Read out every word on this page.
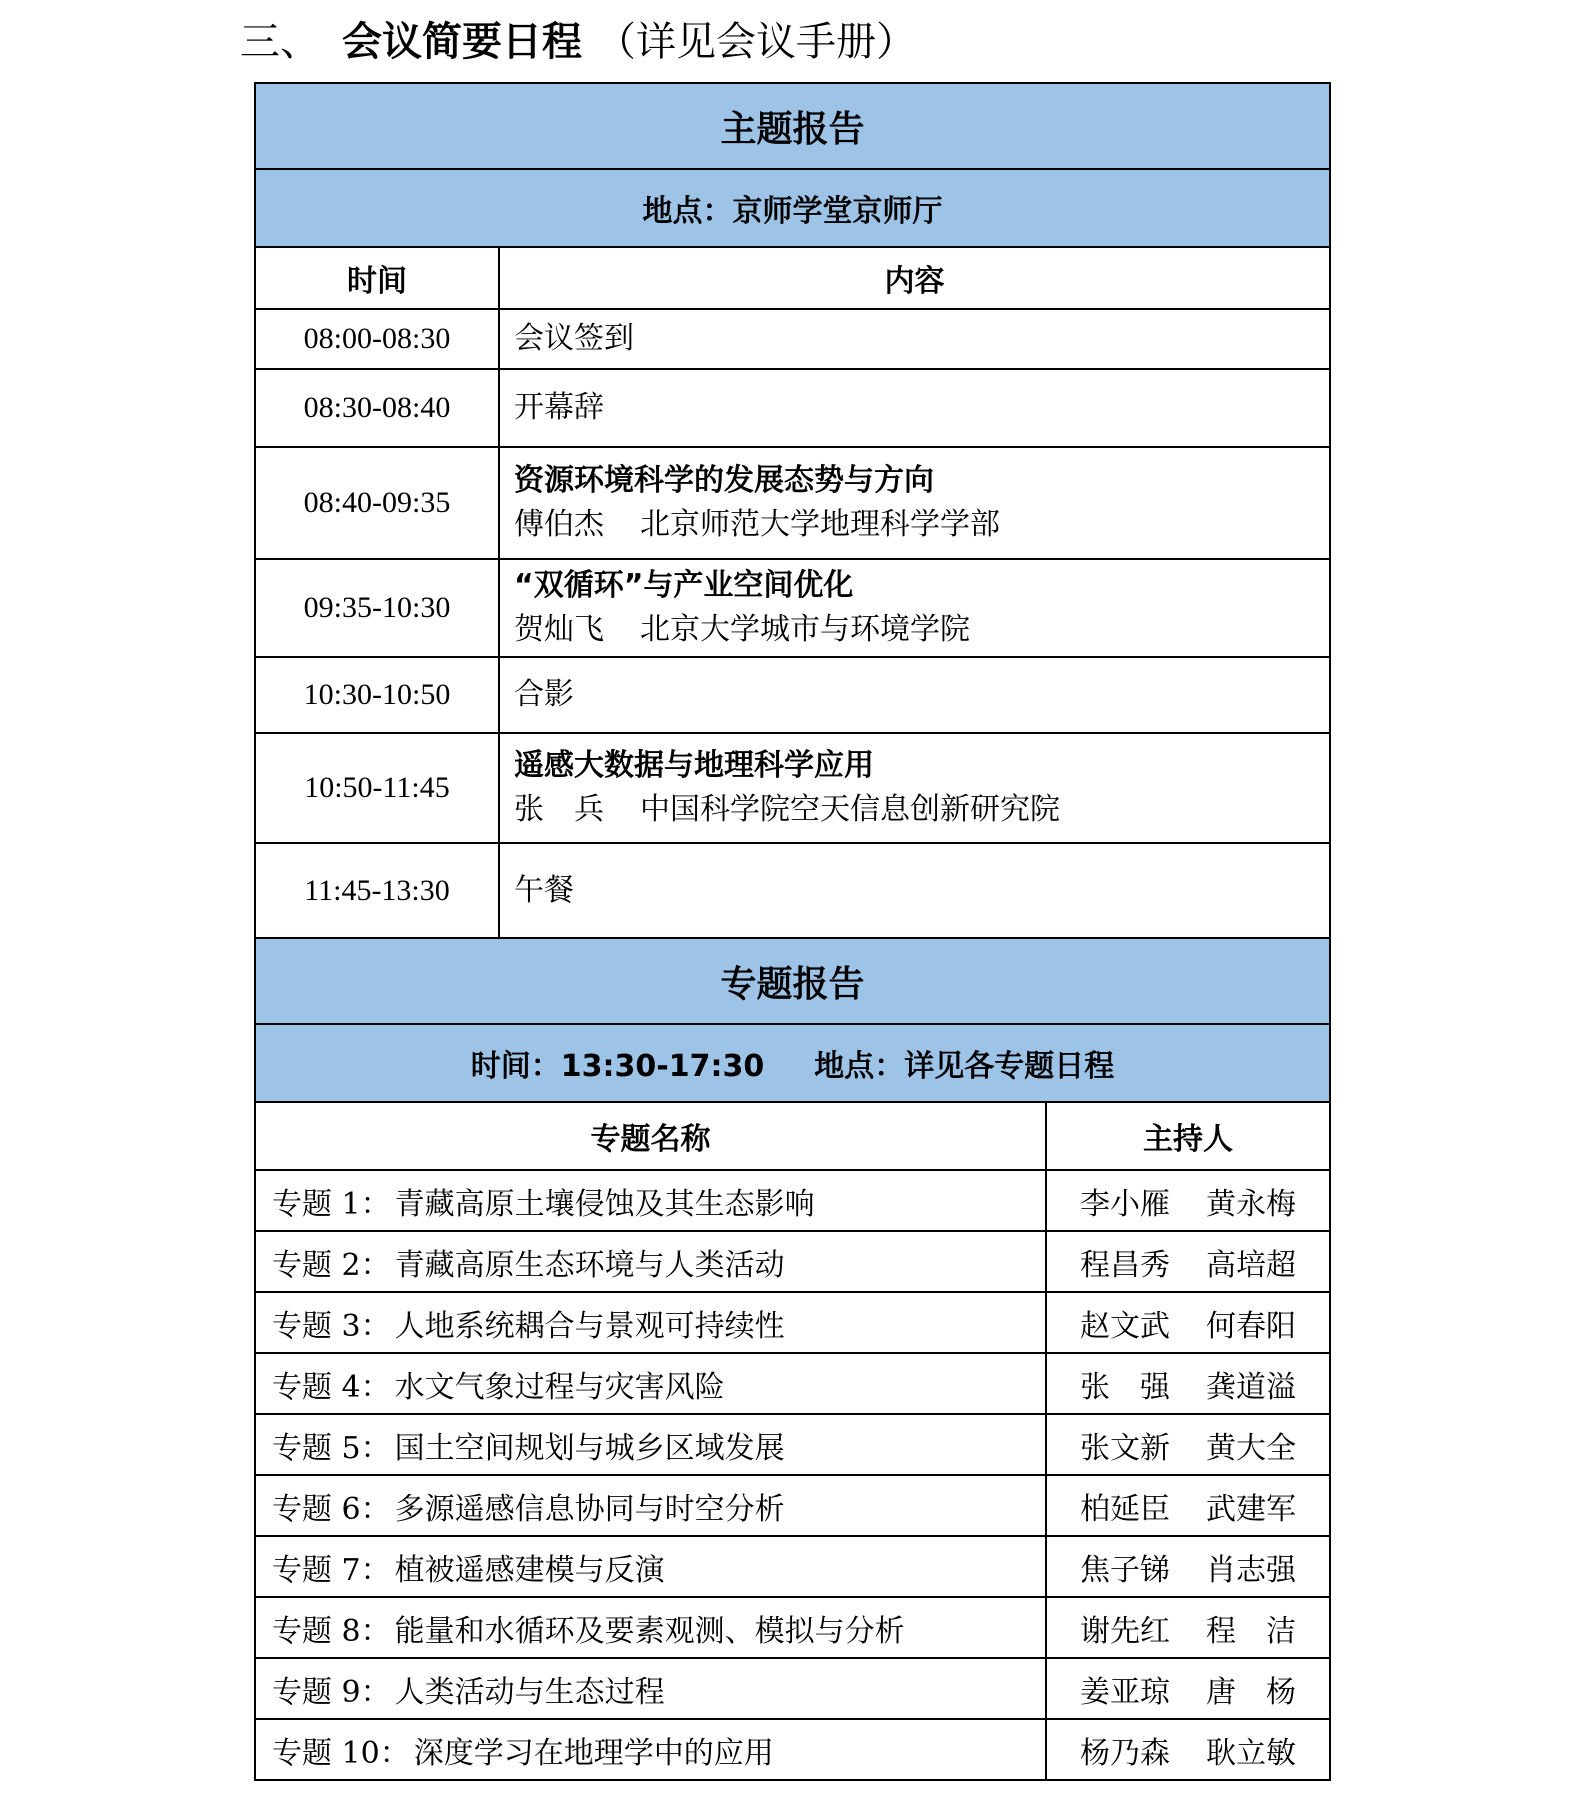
三、 会议简要日程 （详见会议手册）
主题报告		
地点：京师学堂京师厅		
时间	内容	
08:00-08:30	会议签到	
08:30-08:40	开幕辞	
08:40-09:35	资源环境科学的发展态势与方向
傅伯杰 北京师范大学地理科学学部	

09:35-10:30	“双循环”与产业空间优化
贺灿飞 北京大学城市与环境学院	

10:30-10:50	合影	
10:50-11:45	遥感大数据与地理科学应用
张　兵 中国科学院空天信息创新研究院	

11:45-13:30	午餐	
专题报告		
时间：13:30-17:30 地点：详见各专题日程		
专题名称		主持人
专题 1： 青藏高原土壤侵蚀及其生态影响		李小雁 黄永梅
专题 2： 青藏高原生态环境与人类活动		程昌秀 高培超
专题 3： 人地系统耦合与景观可持续性		赵文武 何春阳
专题 4： 水文气象过程与灾害风险		张　强 龚道溢
专题 5： 国土空间规划与城乡区域发展		张文新 黄大全
专题 6： 多源遥感信息协同与时空分析		柏延臣 武建军
专题 7： 植被遥感建模与反演		焦子锑 肖志强
专题 8： 能量和水循环及要素观测、模拟与分析		谢先红 程　洁
专题 9： 人类活动与生态过程		姜亚琼 唐　杨
专题 10： 深度学习在地理学中的应用		杨乃森 耿立敏
